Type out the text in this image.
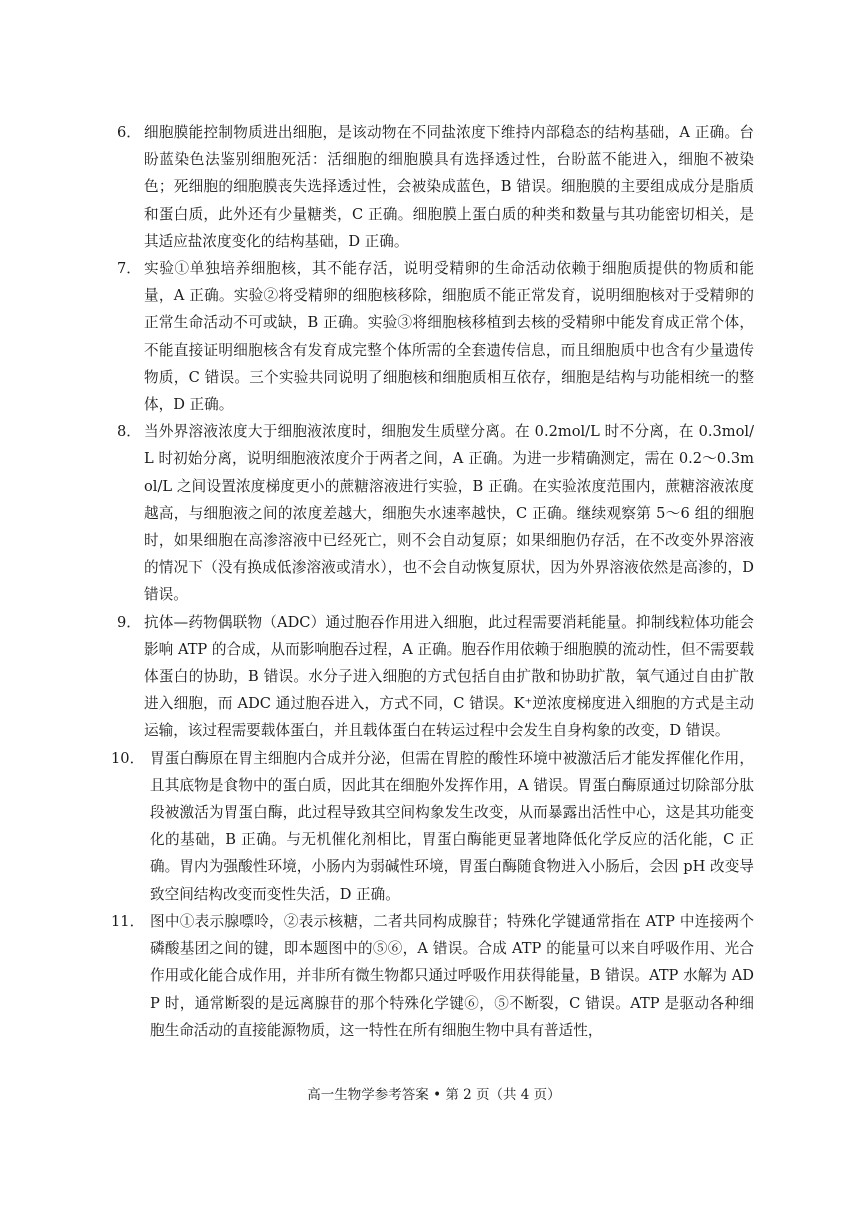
6． 细胞膜能控制物质进出细胞，是该动物在不同盐浓度下维持内部稳态的结构基础，A 正确。台盼蓝染色法鉴别细胞死活：活细胞的细胞膜具有选择透过性，台盼蓝不能进入，细胞不被染色；死细胞的细胞膜丧失选择透过性，会被染成蓝色，B 错误。细胞膜的主要组成成分是脂质和蛋白质，此外还有少量糖类，C 正确。细胞膜上蛋白质的种类和数量与其功能密切相关，是其适应盐浓度变化的结构基础，D 正确。

7． 实验①单独培养细胞核，其不能存活，说明受精卵的生命活动依赖于细胞质提供的物质和能量，A 正确。实验②将受精卵的细胞核移除，细胞质不能正常发育，说明细胞核对于受精卵的正常生命活动不可或缺，B 正确。实验③将细胞核移植到去核的受精卵中能发育成正常个体，不能直接证明细胞核含有发育成完整个体所需的全套遗传信息，而且细胞质中也含有少量遗传物质，C 错误。三个实验共同说明了细胞核和细胞质相互依存，细胞是结构与功能相统一的整体，D 正确。

8． 当外界溶液浓度大于细胞液浓度时，细胞发生质壁分离。在 0.2mol/L 时不分离，在 0.3mol/L 时初始分离，说明细胞液浓度介于两者之间，A 正确。为进一步精确测定，需在 0.2～0.3mol/L 之间设置浓度梯度更小的蔗糖溶液进行实验，B 正确。在实验浓度范围内，蔗糖溶液浓度越高，与细胞液之间的浓度差越大，细胞失水速率越快，C 正确。继续观察第 5～6 组的细胞时，如果细胞在高渗溶液中已经死亡，则不会自动复原；如果细胞仍存活，在不改变外界溶液的情况下（没有换成低渗溶液或清水），也不会自动恢复原状，因为外界溶液依然是高渗的，D 错误。

9． 抗体—药物偶联物（ADC）通过胞吞作用进入细胞，此过程需要消耗能量。抑制线粒体功能会影响 ATP 的合成，从而影响胞吞过程，A 正确。胞吞作用依赖于细胞膜的流动性，但不需要载体蛋白的协助，B 错误。水分子进入细胞的方式包括自由扩散和协助扩散，氧气通过自由扩散进入细胞，而 ADC 通过胞吞进入，方式不同，C 错误。K⁺逆浓度梯度进入细胞的方式是主动运输，该过程需要载体蛋白，并且载体蛋白在转运过程中会发生自身构象的改变，D 错误。

10． 胃蛋白酶原在胃主细胞内合成并分泌，但需在胃腔的酸性环境中被激活后才能发挥催化作用，且其底物是食物中的蛋白质，因此其在细胞外发挥作用，A 错误。胃蛋白酶原通过切除部分肽段被激活为胃蛋白酶，此过程导致其空间构象发生改变，从而暴露出活性中心，这是其功能变化的基础，B 正确。与无机催化剂相比，胃蛋白酶能更显著地降低化学反应的活化能，C 正确。胃内为强酸性环境，小肠内为弱碱性环境，胃蛋白酶随食物进入小肠后，会因 pH 改变导致空间结构改变而变性失活，D 正确。

11． 图中①表示腺嘌呤，②表示核糖，二者共同构成腺苷；特殊化学键通常指在 ATP 中连接两个磷酸基团之间的键，即本题图中的⑤⑥，A 错误。合成 ATP 的能量可以来自呼吸作用、光合作用或化能合成作用，并非所有微生物都只通过呼吸作用获得能量，B 错误。ATP 水解为 ADP 时，通常断裂的是远离腺苷的那个特殊化学键⑥，⑤不断裂，C 错误。ATP 是驱动各种细胞生命活动的直接能源物质，这一特性在所有细胞生物中具有普适性，

高一生物学参考答案 • 第 2 页（共 4 页）
